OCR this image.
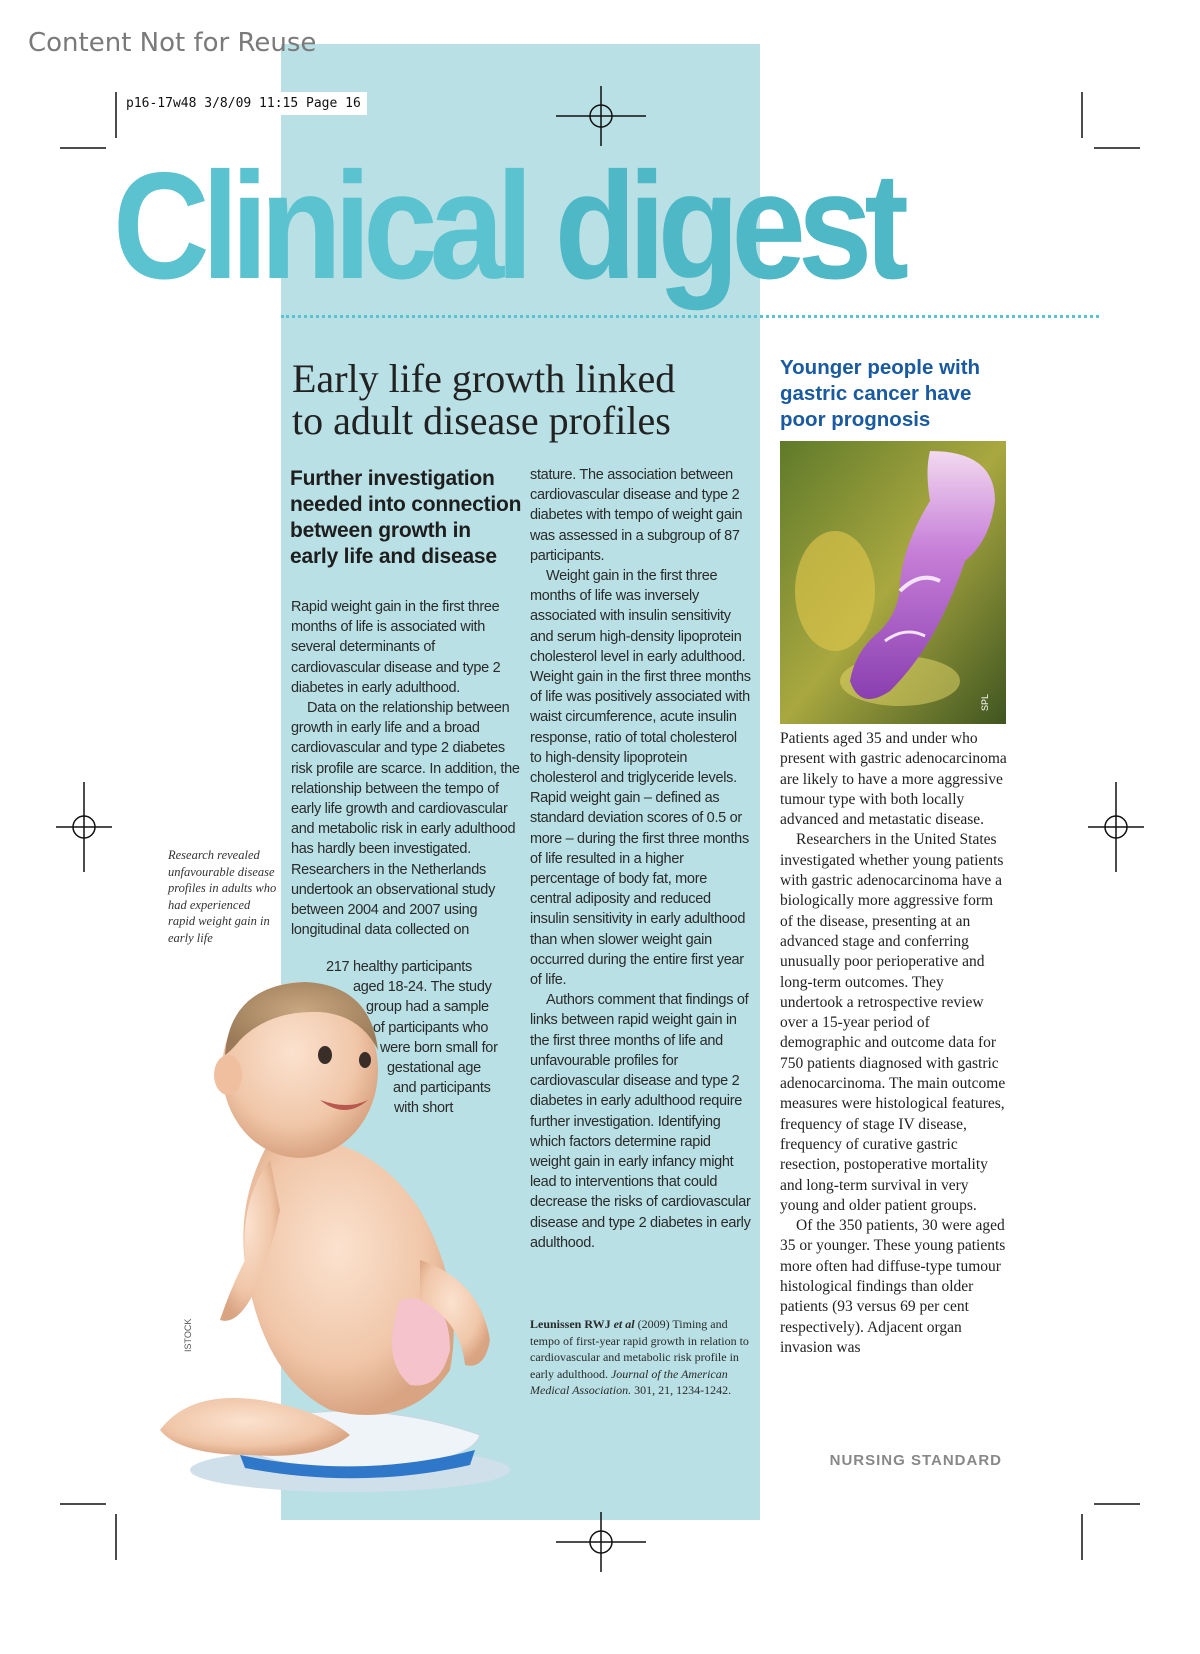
Content Not for Reuse
p16-17w48 3/8/09 11:15 Page 16
Clinical digest
Early life growth linked
to adult disease profiles
Further investigation needed into connection between growth in early life and disease

Rapid weight gain in the first three months of life is associated with several determinants of cardiovascular disease and type 2 diabetes in early adulthood.

Data on the relationship between growth in early life and a broad cardiovascular and type 2 diabetes risk profile are scarce. In addition, the relationship between the tempo of early life growth and cardiovascular and metabolic risk in early adulthood has hardly been investigated. Researchers in the Netherlands undertook an observational study between 2004 and 2007 using longitudinal data collected on

217 healthy participants
aged 18-24. The study
group had a sample
of participants who
were born small for
gestational age
and participants
with short

stature. The association between cardiovascular disease and type 2 diabetes with tempo of weight gain was assessed in a subgroup of 87 participants.

Weight gain in the first three months of life was inversely associated with insulin sensitivity and serum high-density lipoprotein cholesterol level in early adulthood. Weight gain in the first three months of life was positively associated with waist circumference, acute insulin response, ratio of total cholesterol to high-density lipoprotein cholesterol and triglyceride levels. Rapid weight gain – defined as standard deviation scores of 0.5 or more – during the first three months of life resulted in a higher percentage of body fat, more central adiposity and reduced insulin sensitivity in early adulthood than when slower weight gain occurred during the entire first year of life.

Authors comment that findings of links between rapid weight gain in the first three months of life and unfavourable profiles for cardiovascular disease and type 2 diabetes in early adulthood require further investigation. Identifying which factors determine rapid weight gain in early infancy might lead to interventions that could decrease the risks of cardiovascular disease and type 2 diabetes in early adulthood.

Leunissen RWJ et al (2009) Timing and tempo of first-year rapid growth in relation to cardiovascular and metabolic risk profile in early adulthood. Journal of the American Medical Association. 301, 21, 1234-1242.
Research revealed unfavourable disease profiles in adults who had experienced rapid weight gain in early life
ISTOCK
Younger people with gastric cancer have poor prognosis
SPL

Patients aged 35 and under who present with gastric adenocarcinoma are likely to have a more aggressive tumour type with both locally advanced and metastatic disease.

Researchers in the United States investigated whether young patients with gastric adenocarcinoma have a biologically more aggressive form of the disease, presenting at an advanced stage and conferring unusually poor perioperative and long-term outcomes. They undertook a retrospective review over a 15-year period of demographic and outcome data for 750 patients diagnosed with gastric adenocarcinoma. The main outcome measures were histological features, frequency of stage IV disease, frequency of curative gastric resection, postoperative mortality and long-term survival in very young and older patient groups.

Of the 350 patients, 30 were aged 35 or younger. These young patients more often had diffuse-type tumour histological findings than older patients (93 versus 69 per cent respectively). Adjacent organ invasion was

NURSING STANDARD
